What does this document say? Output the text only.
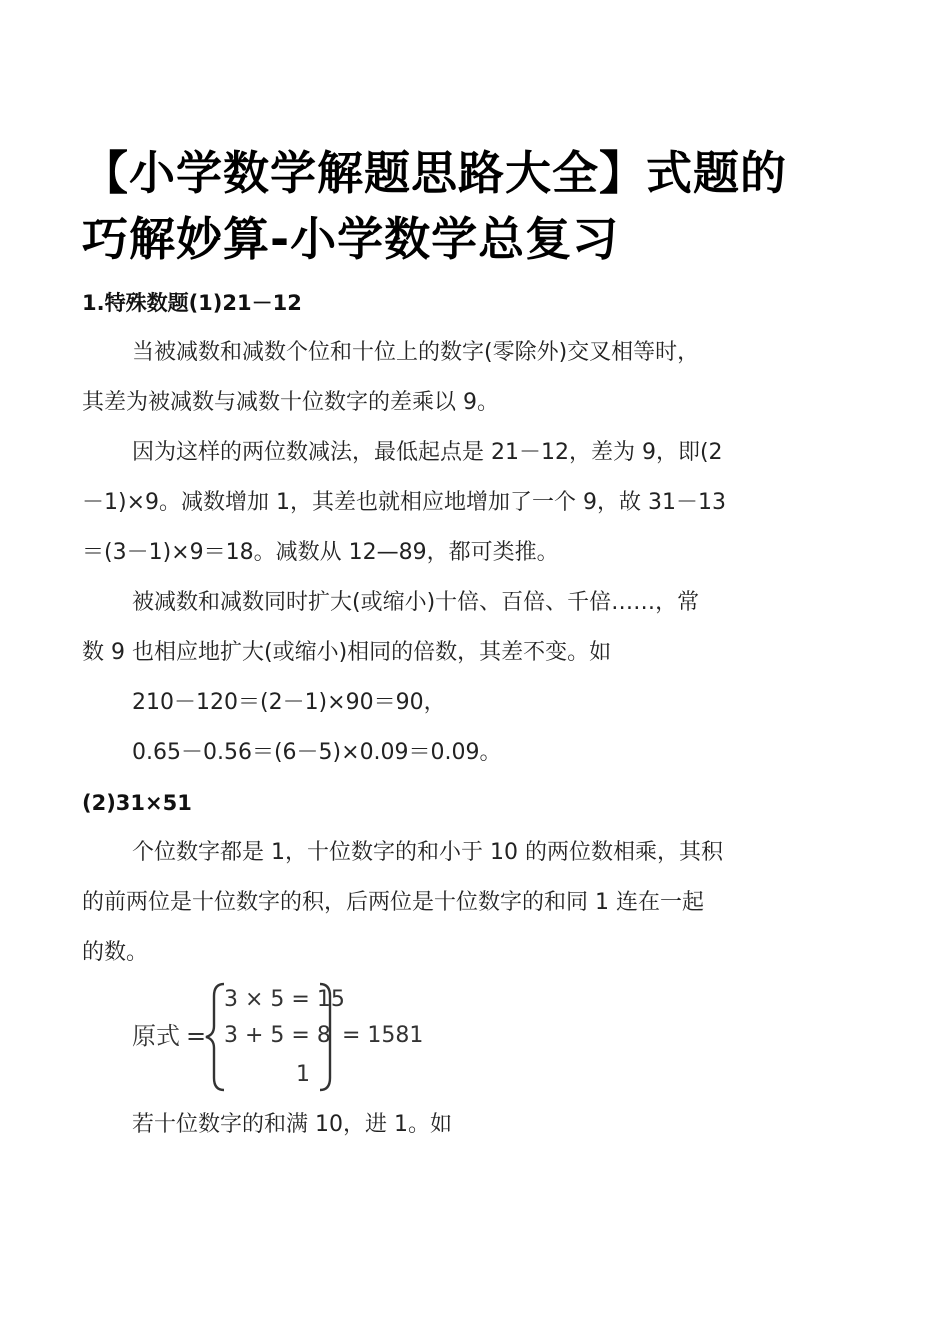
【小学数学解题思路大全】式题的
巧解妙算-小学数学总复习

1.特殊数题(1)21－12

当被减数和减数个位和十位上的数字(零除外)交叉相等时，

其差为被减数与减数十位数字的差乘以 9。

因为这样的两位数减法，最低起点是 21－12，差为 9，即(2

－1)×9。减数增加 1，其差也就相应地增加了一个 9，故 31－13

＝(3－1)×9＝18。减数从 12—89，都可类推。

被减数和减数同时扩大(或缩小)十倍、百倍、千倍……，常

数 9 也相应地扩大(或缩小)相同的倍数，其差不变。如

210－120＝(2－1)×90＝90，

0.65－0.56＝(6－5)×0.09＝0.09。

(2)31×51

个位数字都是 1，十位数字的和小于 10 的两位数相乘，其积

的前两位是十位数字的积，后两位是十位数字的和同 1 连在一起

的数。

原式 =
3 × 5 = 15
3 + 5 = 8
1
= 1581

若十位数字的和满 10，进 1。如
